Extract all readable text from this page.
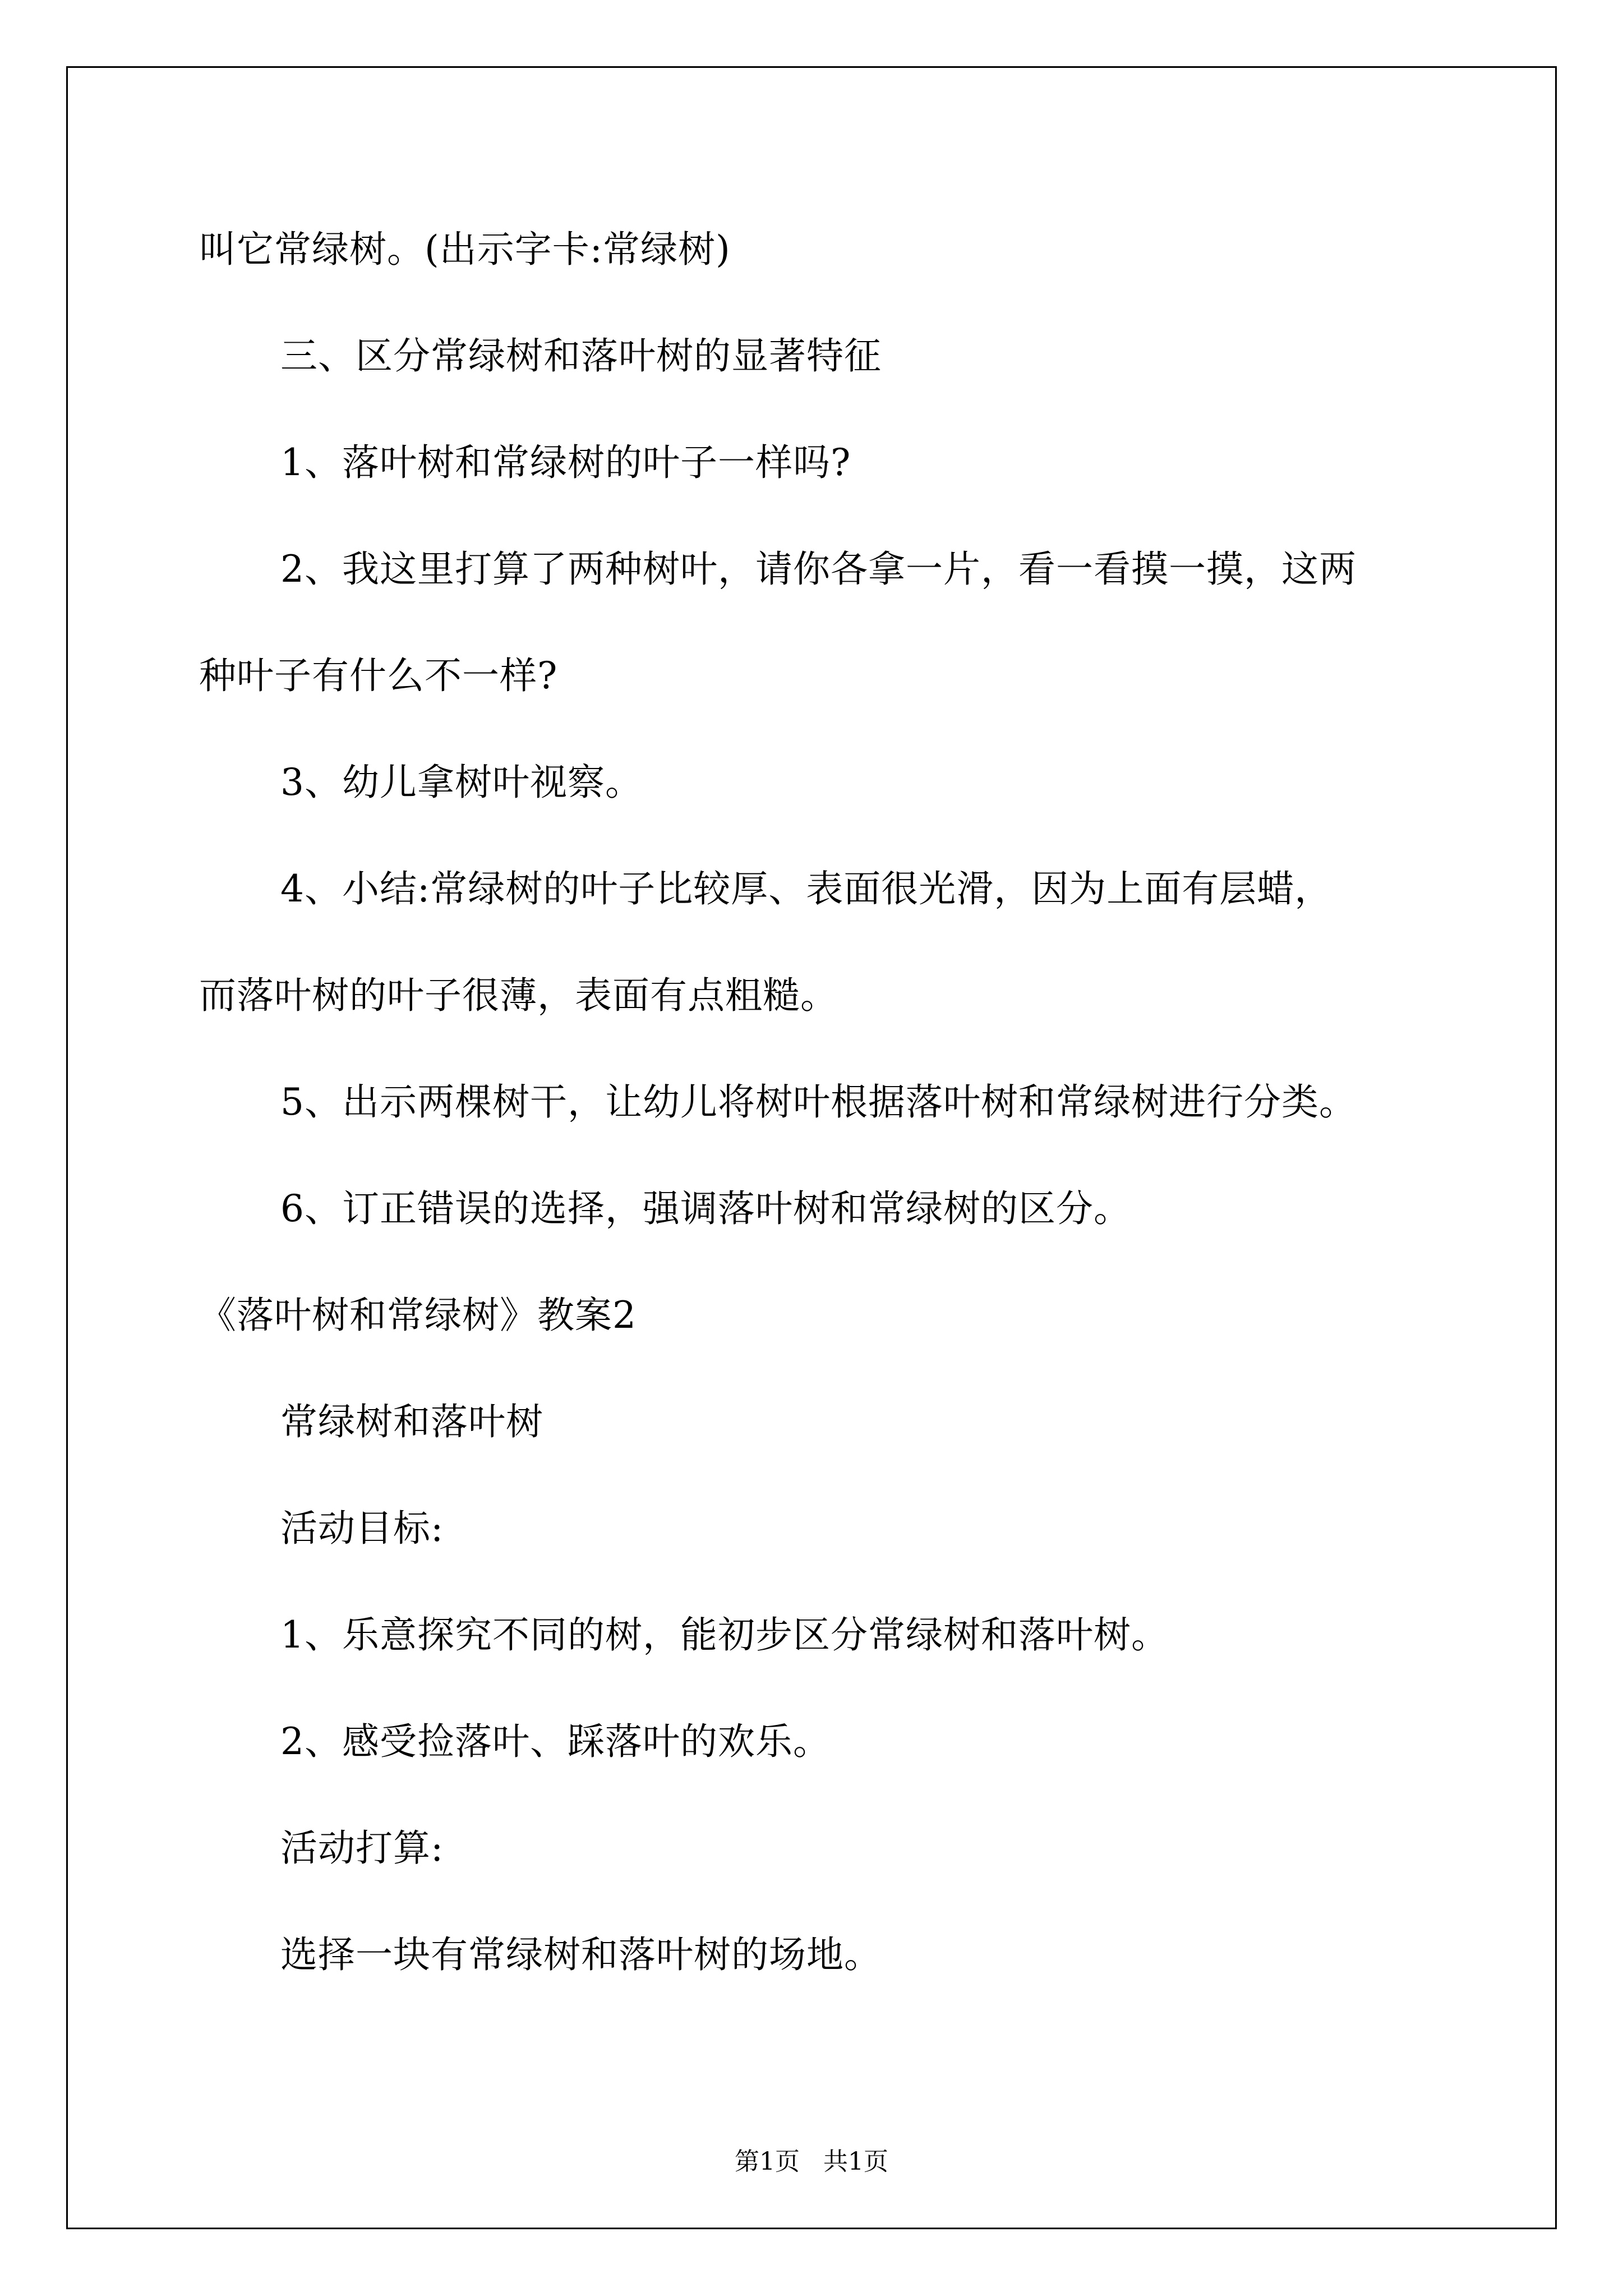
叫它常绿树。(出示字卡:常绿树)
三、区分常绿树和落叶树的显著特征
1、落叶树和常绿树的叶子一样吗?
2、我这里打算了两种树叶，请你各拿一片，看一看摸一摸，这两
种叶子有什么不一样?
3、幼儿拿树叶视察。
4、小结:常绿树的叶子比较厚、表面很光滑，因为上面有层蜡，
而落叶树的叶子很薄，表面有点粗糙。
5、出示两棵树干，让幼儿将树叶根据落叶树和常绿树进行分类。
6、订正错误的选择，强调落叶树和常绿树的区分。
《落叶树和常绿树》教案2
常绿树和落叶树
活动目标:
1、乐意探究不同的树，能初步区分常绿树和落叶树。
2、感受捡落叶、踩落叶的欢乐。
活动打算:
选择一块有常绿树和落叶树的场地。
第1页   共1页
